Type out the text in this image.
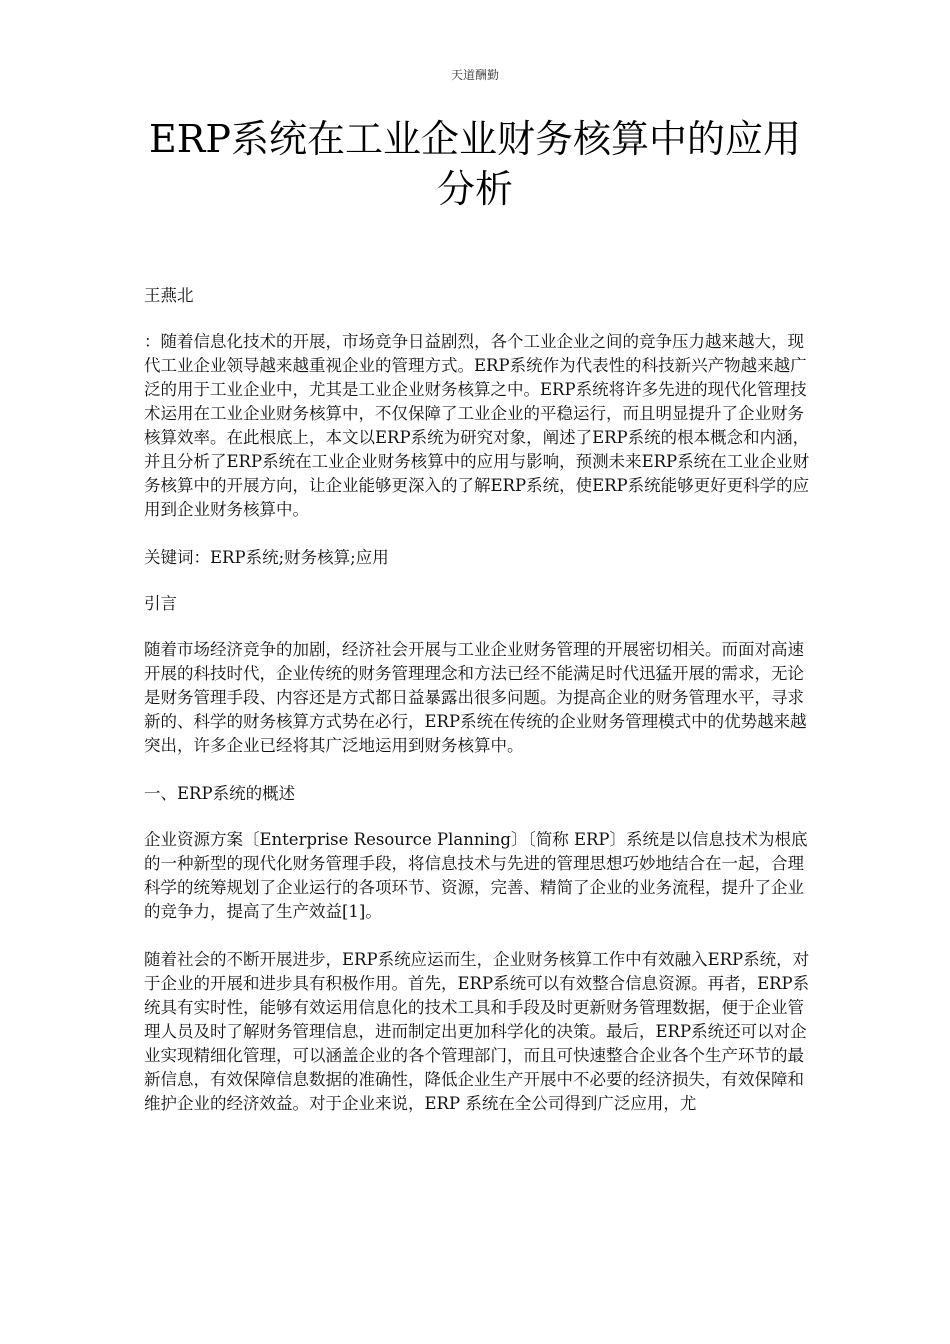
天道酬勤
ERP系统在工业企业财务核算中的应用
分析

王燕北

：随着信息化技术的开展，市场竞争日益剧烈，各个工业企业之间的竞争压力越来越大，现代工业企业领导越来越重视企业的管理方式。ERP系统作为代表性的科技新兴产物越来越广泛的用于工业企业中，尤其是工业企业财务核算之中。ERP系统将许多先进的现代化管理技术运用在工业企业财务核算中，不仅保障了工业企业的平稳运行，而且明显提升了企业财务核算效率。在此根底上，本文以ERP系统为研究对象，阐述了ERP系统的根本概念和内涵，并且分析了ERP系统在工业企业财务核算中的应用与影响，预测未来ERP系统在工业企业财务核算中的开展方向，让企业能够更深入的了解ERP系统，使ERP系统能够更好更科学的应用到企业财务核算中。

关键词：ERP系统;财务核算;应用

引言

随着市场经济竞争的加剧，经济社会开展与工业企业财务管理的开展密切相关。而面对高速开展的科技时代，企业传统的财务管理理念和方法已经不能满足时代迅猛开展的需求，无论是财务管理手段、内容还是方式都日益暴露出很多问题。为提高企业的财务管理水平，寻求新的、科学的财务核算方式势在必行，ERP系统在传统的企业财务管理模式中的优势越来越突出，许多企业已经将其广泛地运用到财务核算中。

一、ERP系统的概述

企业资源方案〔Enterprise Resource Planning〕〔简称 ERP〕系统是以信息技术为根底的一种新型的现代化财务管理手段，将信息技术与先进的管理思想巧妙地结合在一起，合理科学的统筹规划了企业运行的各项环节、资源，完善、精简了企业的业务流程，提升了企业的竞争力，提高了生产效益[1]。

随着社会的不断开展进步，ERP系统应运而生，企业财务核算工作中有效融入ERP系统，对于企业的开展和进步具有积极作用。首先，ERP系统可以有效整合信息资源。再者，ERP系统具有实时性，能够有效运用信息化的技术工具和手段及时更新财务管理数据，便于企业管理人员及时了解财务管理信息，进而制定出更加科学化的决策。最后，ERP系统还可以对企业实现精细化管理，可以涵盖企业的各个管理部门，而且可快速整合企业各个生产环节的最新信息，有效保障信息数据的准确性，降低企业生产开展中不必要的经济损失，有效保障和维护企业的经济效益。对于企业来说，ERP 系统在全公司得到广泛应用，尤
